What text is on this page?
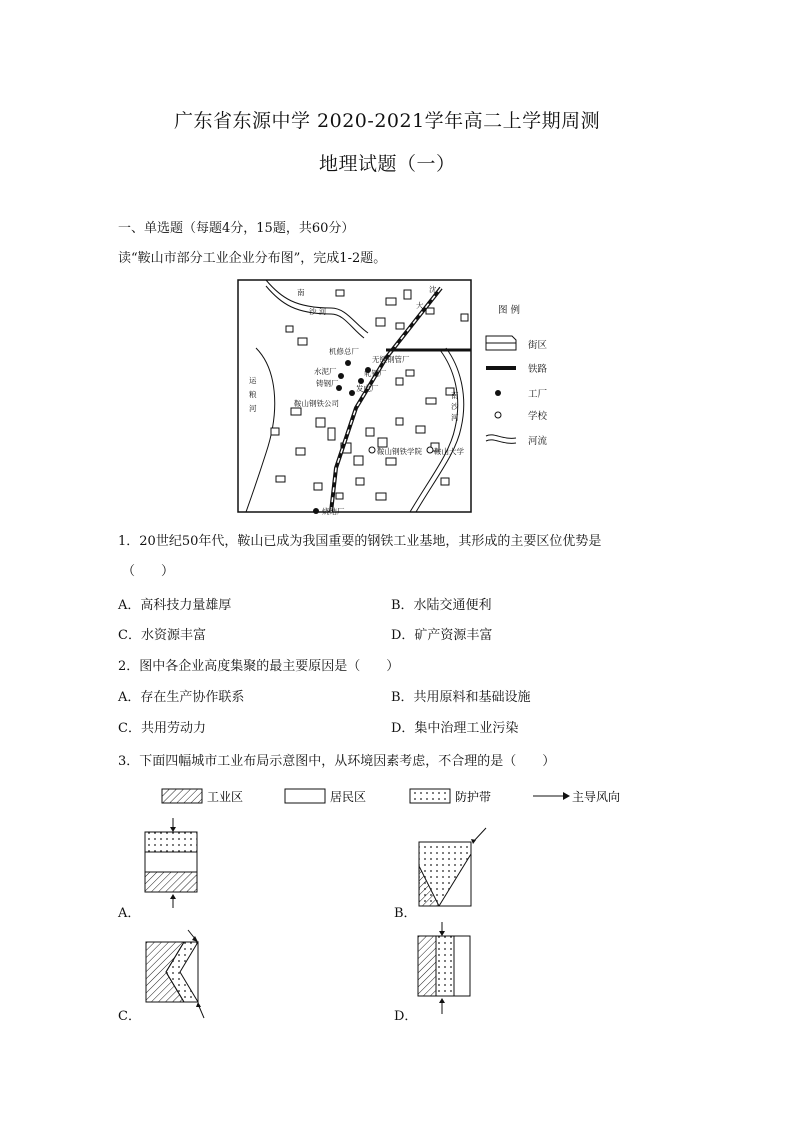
广东省东源中学 2020-2021学年高二上学期周测
地理试题（一）
一、单选题（每题4分，15题，共60分）
读“鞍山市部分工业企业分布图”，完成1-2题。
南
沙 河
运
粮
河
机修总厂
无缝钢管厂
水泥厂	轧钢厂
铸钢厂
发电厂
鞍山钢铁公司
鞍山钢铁学院 鞍山大学
烧结厂
南
沙
河
沈
大	图 例
街区
铁路
工厂
学校
河流
1．20世纪50年代，鞍山已成为我国重要的钢铁工业基地，其形成的主要区位优势是
（　　）
A．高科技力量雄厚	B．水陆交通便利
C．水资源丰富	D．矿产资源丰富
2．图中各企业高度集聚的最主要原因是（　　）
A．存在生产协作联系	B．共用原料和基础设施
C．共用劳动力	D．集中治理工业污染
3．下面四幅城市工业布局示意图中，从环境因素考虑，不合理的是（　　）
工业区	居民区	防护带	主导风向
A．	B．
C．	D．
